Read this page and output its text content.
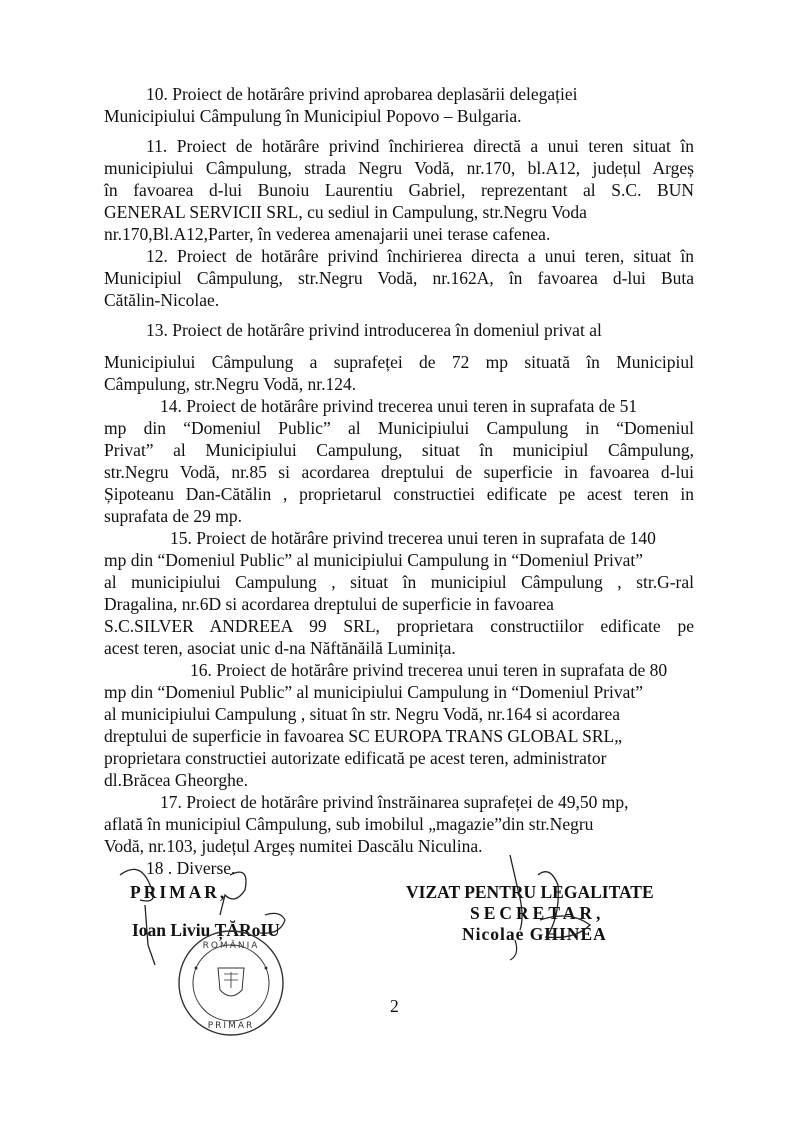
10. Proiect de hotărâre privind aprobarea deplasării delegației
Municipiului Câmpulung în Municipiul Popovo – Bulgaria.
11. Proiect de hotărâre privind închirierea directă a unui teren situat în
municipiului Câmpulung, strada Negru Vodă, nr.170, bl.A12, județul Argeș
în favoarea d-lui Bunoiu Laurentiu Gabriel, reprezentant al S.C. BUN
GENERAL SERVICII SRL, cu sediul in Campulung, str.Negru Voda
nr.170,Bl.A12,Parter, în vederea amenajarii unei terase cafenea.
12. Proiect de hotărâre privind închirierea directa a unui teren, situat în
Municipiul Câmpulung, str.Negru Vodă, nr.162A, în favoarea d-lui Buta
Cătălin-Nicolae.
13. Proiect de hotărâre privind introducerea în domeniul privat al
Municipiului Câmpulung a suprafeței de 72 mp situată în Municipiul
Câmpulung, str.Negru Vodă, nr.124.
14. Proiect de hotărâre privind trecerea unui teren in suprafata de 51
mp din “Domeniul Public” al Municipiului Campulung in “Domeniul
Privat” al Municipiului Campulung, situat în municipiul Câmpulung,
str.Negru Vodă, nr.85 si acordarea dreptului de superficie in favoarea d-lui
Șipoteanu Dan-Cătălin , proprietarul constructiei edificate pe acest teren in
suprafata de 29 mp.
15. Proiect de hotărâre privind trecerea unui teren in suprafata de 140
mp din “Domeniul Public” al municipiului Campulung in “Domeniul Privat”
al municipiului Campulung , situat în municipiul Câmpulung , str.G-ral
Dragalina, nr.6D si acordarea dreptului de superficie in favoarea
S.C.SILVER ANDREEA 99 SRL, proprietara constructiilor edificate pe
acest teren, asociat unic d-na Năftănăilă Luminița.
16. Proiect de hotărâre privind trecerea unui teren in suprafata de 80
mp din “Domeniul Public” al municipiului Campulung in “Domeniul Privat”
al municipiului Campulung , situat în str. Negru Vodă, nr.164 si acordarea
dreptului de superficie in favoarea SC EUROPA TRANS GLOBAL SRL„
proprietara constructiei autorizate edificată pe acest teren, administrator
dl.Brăcea Gheorghe.
17. Proiect de hotărâre privind înstrăinarea suprafeței de 49,50 mp,
aflată în municipiul Câmpulung, sub imobilul „magazie”din str.Negru
Vodă, nr.103, județul Argeș numitei Dascălu Niculina.
18 . Diverse.
PRIMAR,
Ioan Liviu ȚĂRoIU
VIZAT PENTRU LEGALITATE
SECRETAR,
Nicolae GHINEA
ROMÂNIA
PRIMAR
2
